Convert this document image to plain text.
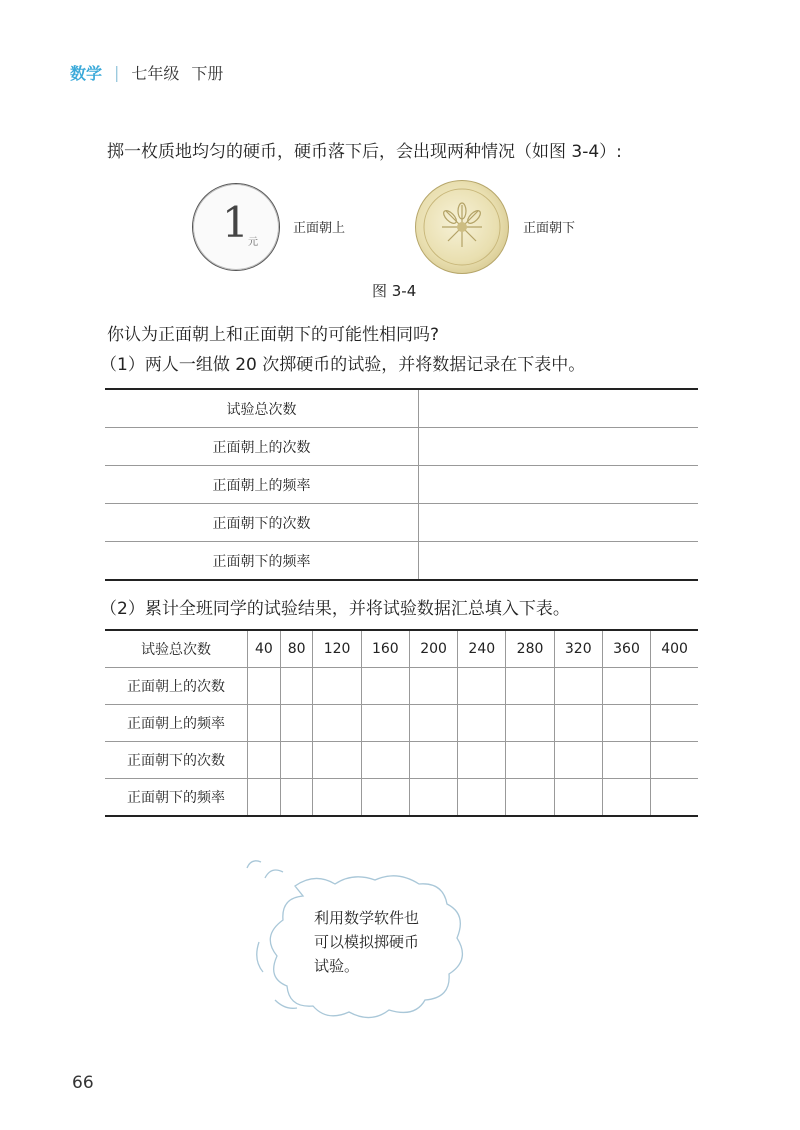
数学 | 七年级 下册
掷一枚质地均匀的硬币，硬币落下后，会出现两种情况（如图 3-4）:
1 元
正面朝上	正面朝下
图 3-4
你认为正面朝上和正面朝下的可能性相同吗?
（1）两人一组做 20 次掷硬币的试验，并将数据记录在下表中。
试验总次数	
正面朝上的次数	
正面朝上的频率	
正面朝下的次数	
正面朝下的频率	
（2）累计全班同学的试验结果，并将试验数据汇总填入下表。
试验总次数	40	80	120	160	200	240	280	320	360	400
正面朝上的次数										
正面朝上的频率										
正面朝下的次数										
正面朝下的频率										
利用数学软件也
可以模拟掷硬币
试验。
66
